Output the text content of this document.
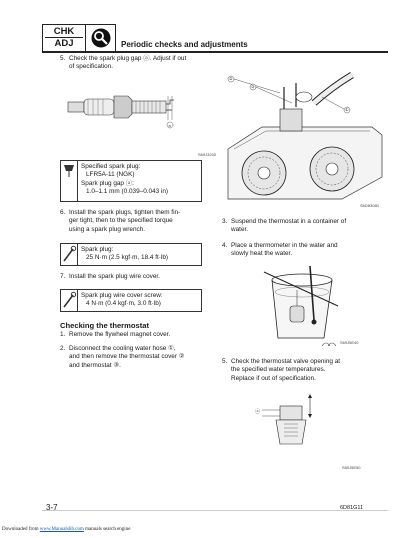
CHK
ADJ	Periodic checks and adjustments
5. Check the spark plug gap ⓐ. Adjust if out
of specification.
a
S69J3200
Specified spark plug:
LFR5A-11 (NGK)
Spark plug gap ⓐ:
1.0–1.1 mm (0.039–0.043 in)
6. Install the spark plugs, tighten them fin-
ger tight, then to the specified torque
using a spark plug wrench.
Spark plug:
25 N·m (2.5 kgf·m, 18.4 ft·lb)
7. Install the spark plug wire cover.
Spark plug wire cover screw:
4 N·m (0.4 kgf·m, 3.0 ft·lb)
Checking the thermostat
1. Remove the flywheel magnet cover.
2. Disconnect the cooling water hose ①,
and then remove the thermostat cover ②
and thermostat ③.
②
③
①
S6D83080
3. Suspend the thermostat in a container of
water.
4. Place a thermometer in the water and
slowly heat the water.
S69J5E40
5. Check the thermostat valve opening at
the specified water temperatures.
Replace if out of specification.
ⓐ
S69J5E50
3-7	6D81G11
Downloaded from www.Manualslib.com manuals search engine
